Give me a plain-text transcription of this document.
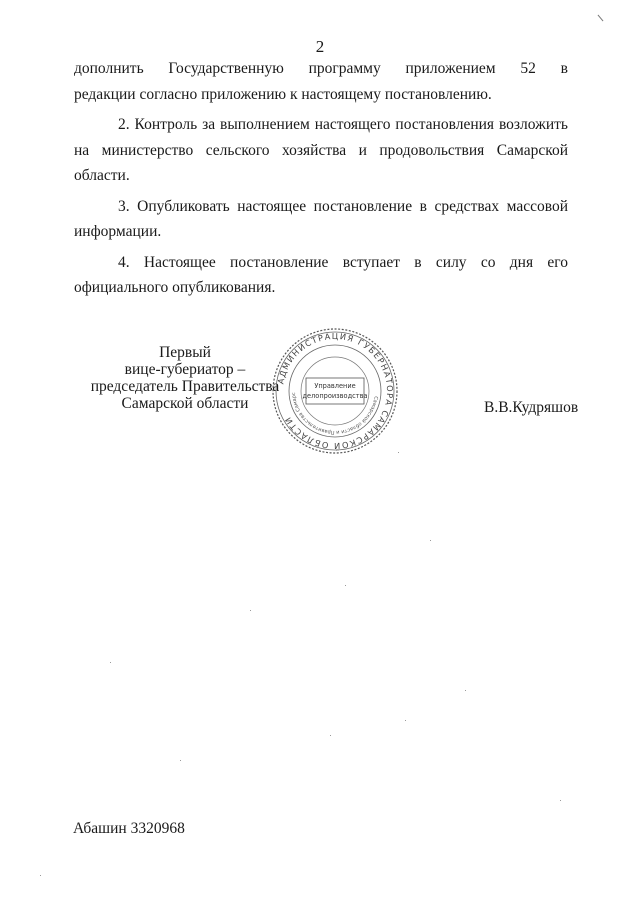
2

дополнить Государственную программу приложением 52 в

редакции согласно приложению к настоящему постановлению.

2. Контроль за выполнением настоящего постановления возложить

на министерство сельского хозяйства и продовольствия Самарской

области.

3. Опубликовать настоящее постановление в средствах массовой

информации.

4. Настоящее постановление вступает в силу со дня его

официального опубликования.

Первый
вице-губериатор –
председатель Правительства
Самарской области
АДМИНИСТРАЦИЯ ГУБЕРНАТОРА САМАРСКОЙ ОБЛАСТИ
Самарской области и Правительства Самарс
Управление
делопроизводства
В.В.Кудряшов
Абашин 3320968
